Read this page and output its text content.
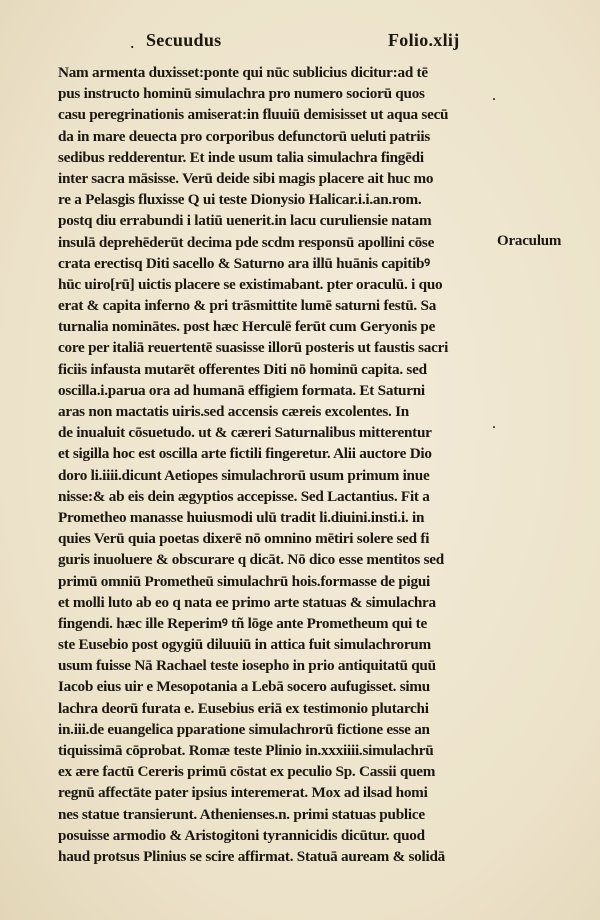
. Secuudus	Folio.xlij
Nam armenta duxisset:ponte qui nūc sublicius dicitur:ad tē
pus instructo hominū simulachra pro numero sociorū quos
casu peregrinationis amiserat:in fluuiū demisisset ut aqua secū
da in mare deuecta pro corporibus defunctorū ueluti patriis
sedibus redderentur. Et inde usum talia simulachra fingēdi
inter sacra māsisse. Verū deide sibi magis placere ait huc mo
re a Pelasgis fluxisse Q ui teste Dionysio Halicar.i.i.an.rom.
postq diu errabundi i latiū uenerit.in lacu curuliensie natam
insulā deprehēderūt decima pde scdm responsū apollini cōse
crata erectisq Diti sacello & Saturno ara illū huānis capitibꝰ
hūc uiro[rū] uictis placere se existimabant. pter oraculū. i quo
erat & capita inferno & pri trāsmittite lumē saturni festū. Sa
turnalia nominātes. post hæc Herculē ferūt cum Geryonis pe
core per italiā reuertentē suasisse illorū posteris ut faustis sacri
ficiis infausta mutarēt offerentes Diti nō hominū capita. sed
oscilla.i.parua ora ad humanā effigiem formata. Et Saturni
aras non mactatis uiris.sed accensis cæreis excolentes. In
de inualuit cōsuetudo. ut & cæreri Saturnalibus mitterentur
et sigilla hoc est oscilla arte fictili fingeretur. Alii auctore Dio
doro li.iiii.dicunt Aetiopes simulachrorū usum primum inue
nisse:& ab eis dein ægyptios accepisse. Sed Lactantius. Fit a
Prometheo manasse huiusmodi ulū tradit li.diuini.insti.i. in
quies Verū quia poetas dixerē nō omnino mētiri solere sed fi
guris inuoluere & obscurare q dicāt. Nō dico esse mentitos sed
primū omniū Prometheū simulachrū hois.formasse de pigui
et molli luto ab eo q nata ee primo arte statuas & simulachra
fingendi. hæc ille Reperimꝰ tñ lōge ante Prometheum qui te
ste Eusebio post ogygiū diluuiū in attica fuit simulachrorum
usum fuisse Nā Rachael teste iosepho in prio antiquitatū quū
Iacob eius uir e Mesopotania a Lebā socero aufugisset. simu
lachra deorū furata e. Eusebius eriā ex testimonio plutarchi
in.iii.de euangelica pparatione simulachrorū fictione esse an
tiquissimā cōprobat. Romæ teste Plinio in.xxxiiii.simulachrū
ex ære factū Cereris primū cōstat ex peculio Sp. Cassii quem
regnū affectāte pater ipsius interemerat. Mox ad ilsad homi
nes statue transierunt. Athenienses.n. primi statuas publice
posuisse armodio & Aristogitoni tyrannicidis dicūtur. quod
haud protsus Plinius se scire affirmat. Statuā auream & solidā
Oraculum
·
·
